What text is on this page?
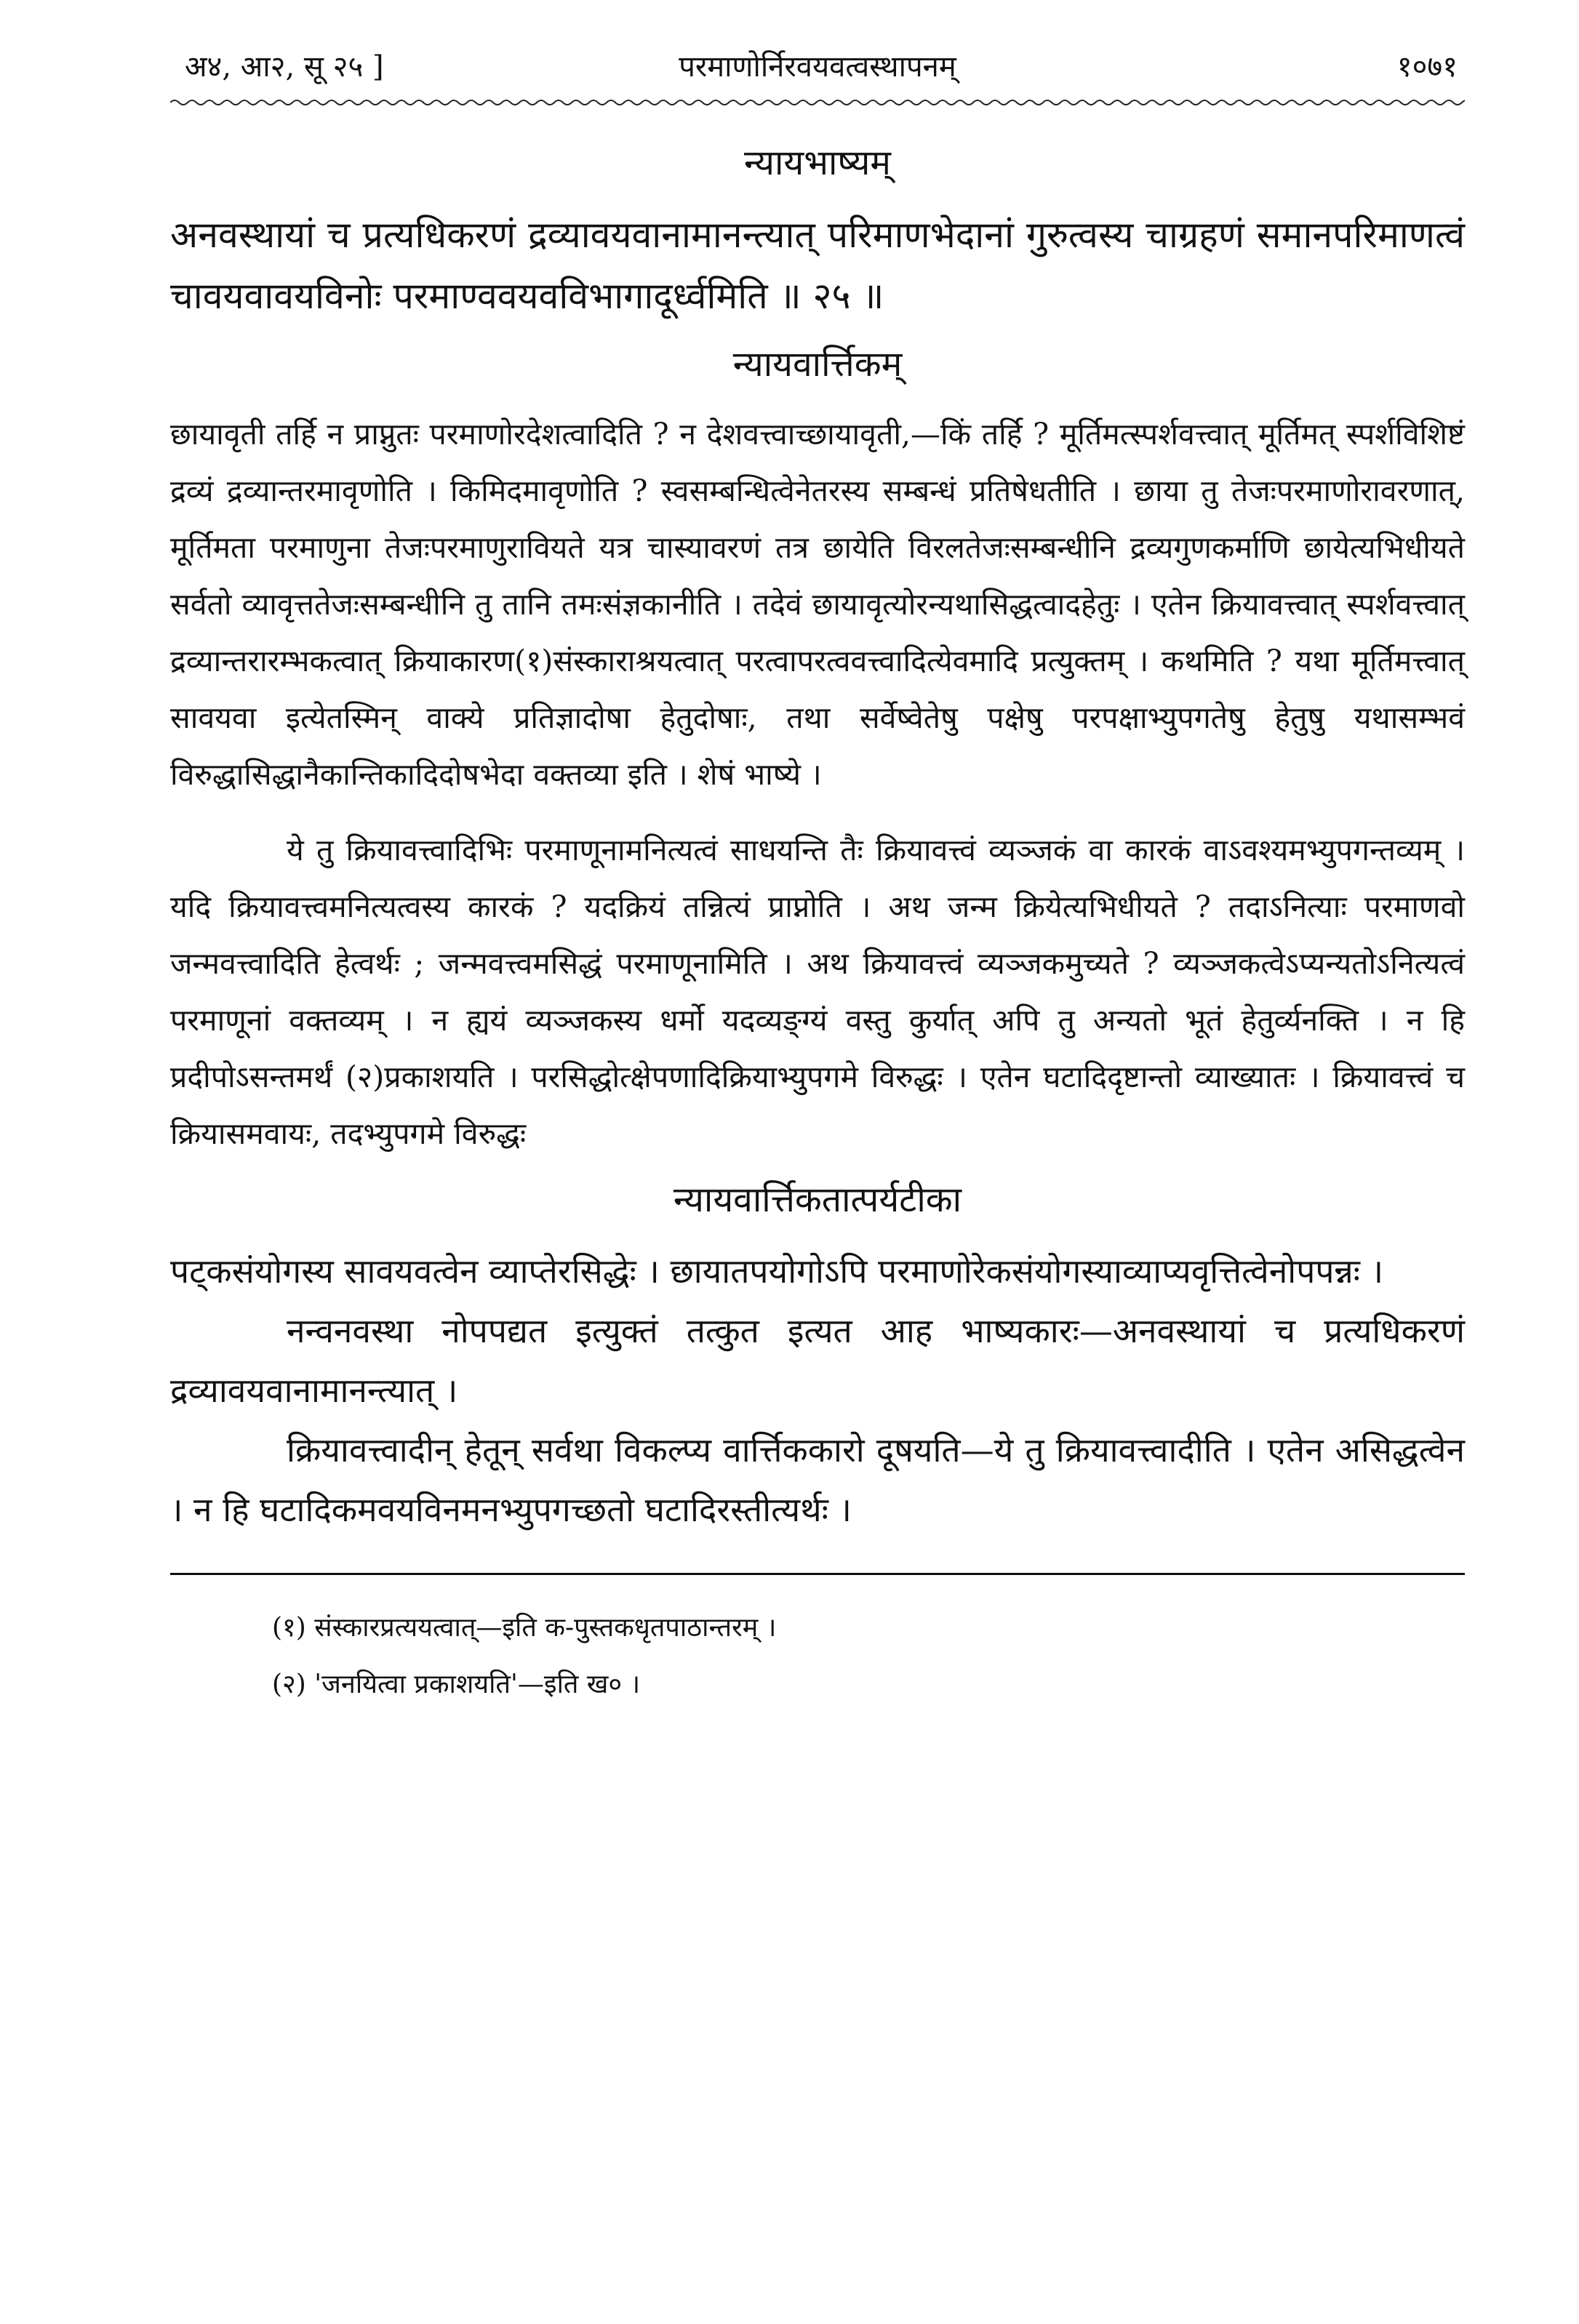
अ४, आ२, सू २५ ]	परमाणोर्निरवयवत्वस्थापनम्	१०७१
न्यायभाष्यम्
अनवस्थायां च प्रत्यधिकरणं द्रव्यावयवानामानन्त्यात् परिमाणभेदानां गुरुत्वस्य चाग्रहणं समानपरिमाणत्वं चावयवावयविनोः परमाण्ववयवविभागादूर्ध्वमिति ॥ २५ ॥
न्यायवार्त्तिकम्

छायावृती तर्हि न प्राप्नुतः परमाणोरदेशत्वादिति ? न देशवत्त्वाच्छायावृती,—किं तर्हि ? मूर्तिमत्स्पर्शवत्त्वात् मूर्तिमत् स्पर्शविशिष्टं द्रव्यं द्रव्यान्तरमावृणोति । किमिदमावृणोति ? स्वसम्बन्धित्वेनेतरस्य सम्बन्धं प्रतिषेधतीति । छाया तु तेजःपरमाणोरावरणात्, मूर्तिमता परमाणुना तेजःपरमाणुरावियते यत्र चास्यावरणं तत्र छायेति विरलतेजःसम्बन्धीनि द्रव्यगुणकर्माणि छायेत्यभिधीयते सर्वतो व्यावृत्ततेजःसम्बन्धीनि तु तानि तमःसंज्ञकानीति । तदेवं छायावृत्योरन्यथासिद्धत्वादहेतुः । एतेन क्रियावत्त्वात् स्पर्शवत्त्वात् द्रव्यान्तरारम्भकत्वात् क्रियाकारण(१)संस्काराश्रयत्वात् परत्वापरत्ववत्त्वादित्येवमादि प्रत्युक्तम् । कथमिति ? यथा मूर्तिमत्त्वात् सावयवा इत्येतस्मिन् वाक्ये प्रतिज्ञादोषा हेतुदोषाः, तथा सर्वेष्वेतेषु पक्षेषु परपक्षाभ्युपगतेषु हेतुषु यथासम्भवं विरुद्धासिद्धानैकान्तिकादिदोषभेदा वक्तव्या इति । शेषं भाष्ये ।

ये तु क्रियावत्त्वादिभिः परमाणूनामनित्यत्वं साधयन्ति तैः क्रियावत्त्वं व्यञ्जकं वा कारकं वाऽवश्यमभ्युपगन्तव्यम् । यदि क्रियावत्त्वमनित्यत्वस्य कारकं ? यदक्रियं तन्नित्यं प्राप्नोति । अथ जन्म क्रियेत्यभिधीयते ? तदाऽनित्याः परमाणवो जन्मवत्त्वादिति हेत्वर्थः ; जन्मवत्त्वमसिद्धं परमाणूनामिति । अथ क्रियावत्त्वं व्यञ्जकमुच्यते ? व्यञ्जकत्वेऽप्यन्यतोऽनित्यत्वं परमाणूनां वक्तव्यम् । न ह्ययं व्यञ्जकस्य धर्मो यदव्यङ्ग्यं वस्तु कुर्यात् अपि तु अन्यतो भूतं हेतुर्व्यनक्ति । न हि प्रदीपोऽसन्तमर्थं (२)प्रकाशयति । परसिद्धोत्क्षेपणादिक्रियाभ्युपगमे विरुद्धः । एतेन घटादिदृष्टान्तो व्याख्यातः । क्रियावत्त्वं च क्रियासमवायः, तदभ्युपगमे विरुद्धः

न्यायवार्त्तिकतात्पर्यटीका

पट्कसंयोगस्य सावयवत्वेन व्याप्तेरसिद्धेः । छायातपयोगोऽपि परमाणोरेकसंयोगस्याव्याप्यवृत्तित्वेनोपपन्नः ।

नन्वनवस्था नोपपद्यत इत्युक्तं तत्कुत इत्यत आह भाष्यकारः—अनवस्थायां च प्रत्यधिकरणं द्रव्यावयवानामानन्त्यात् ।

क्रियावत्त्वादीन् हेतून् सर्वथा विकल्प्य वार्त्तिककारो दूषयति—ये तु क्रियावत्त्वादीति । एतेन असिद्धत्वेन । न हि घटादिकमवयविनमनभ्युपगच्छतो घटादिरस्तीत्यर्थः ।

(१) संस्कारप्रत्ययत्वात्—इति क-पुस्तकधृतपाठान्तरम् ।

(२) 'जनयित्वा प्रकाशयति'—इति ख० ।
